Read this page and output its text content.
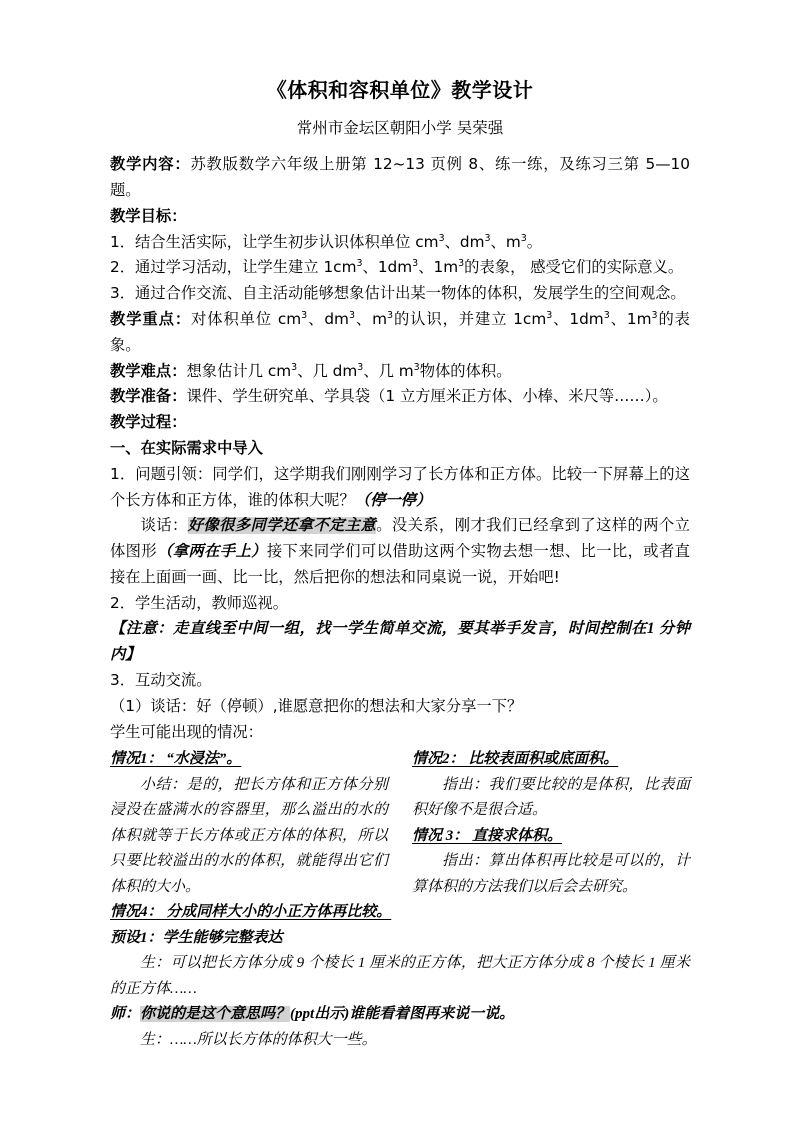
《体积和容积单位》教学设计
常州市金坛区朝阳小学 吴荣强

教学内容：苏教版数学六年级上册第 12~13 页例 8、练一练，及练习三第 5—10 题。

教学目标：

1．结合生活实际，让学生初步认识体积单位 $cm^3$、$dm^3$、$m^3$。

2．通过学习活动，让学生建立 $1cm^3$、$1dm^3$、$1m^3$的表象， 感受它们的实际意义。

3．通过合作交流、自主活动能够想象估计出某一物体的体积，发展学生的空间观念。

教学重点：对体积单位 $cm^3$、$dm^3$、$m^3$的认识，并建立 $1cm^3$、$1dm^3$、$1m^3$的表象。

教学难点：想象估计几 $cm^3$、几 $dm^3$、几 $m^3$物体的体积。

教学准备：课件、学生研究单、学具袋（1 立方厘米正方体、小棒、米尺等……）。

教学过程：

一、在实际需求中导入

1．问题引领：同学们，这学期我们刚刚学习了长方体和正方体。比较一下屏幕上的这个长方体和正方体，谁的体积大呢？（停一停）

谈话：好像很多同学还拿不定主意。没关系，刚才我们已经拿到了这样的两个立体图形（拿两在手上）接下来同学们可以借助这两个实物去想一想、比一比，或者直接在上面画一画、比一比，然后把你的想法和同桌说一说，开始吧!

2．学生活动，教师巡视。

【注意：走直线至中间一组，找一学生简单交流，要其举手发言，时间控制在1 分钟内】

3．互动交流。

（1）谈话：好（停顿）,谁愿意把你的想法和大家分享一下？

学生可能出现的情况：

情况1： “水浸法”。

小结：是的，把长方体和正方体分别浸没在盛满水的容器里，那么溢出的水的体积就等于长方体或正方体的体积，所以只要比较溢出的水的体积，就能得出它们体积的大小。

情况2： 比较表面积或底面积。

指出：我们要比较的是体积，比表面积好像不是很合适。

情况 3： 直接求体积。

指出：算出体积再比较是可以的，计算体积的方法我们以后会去研究。

情况4： 分成同样大小的小正方体再比较。

预设1：学生能够完整表达

生：可以把长方体分成 9 个棱长 1 厘米的正方体，把大正方体分成 8 个棱长 1 厘米的正方体……

师：你说的是这个意思吗？(ppt出示)谁能看着图再来说一说。

生：……所以长方体的体积大一些。
